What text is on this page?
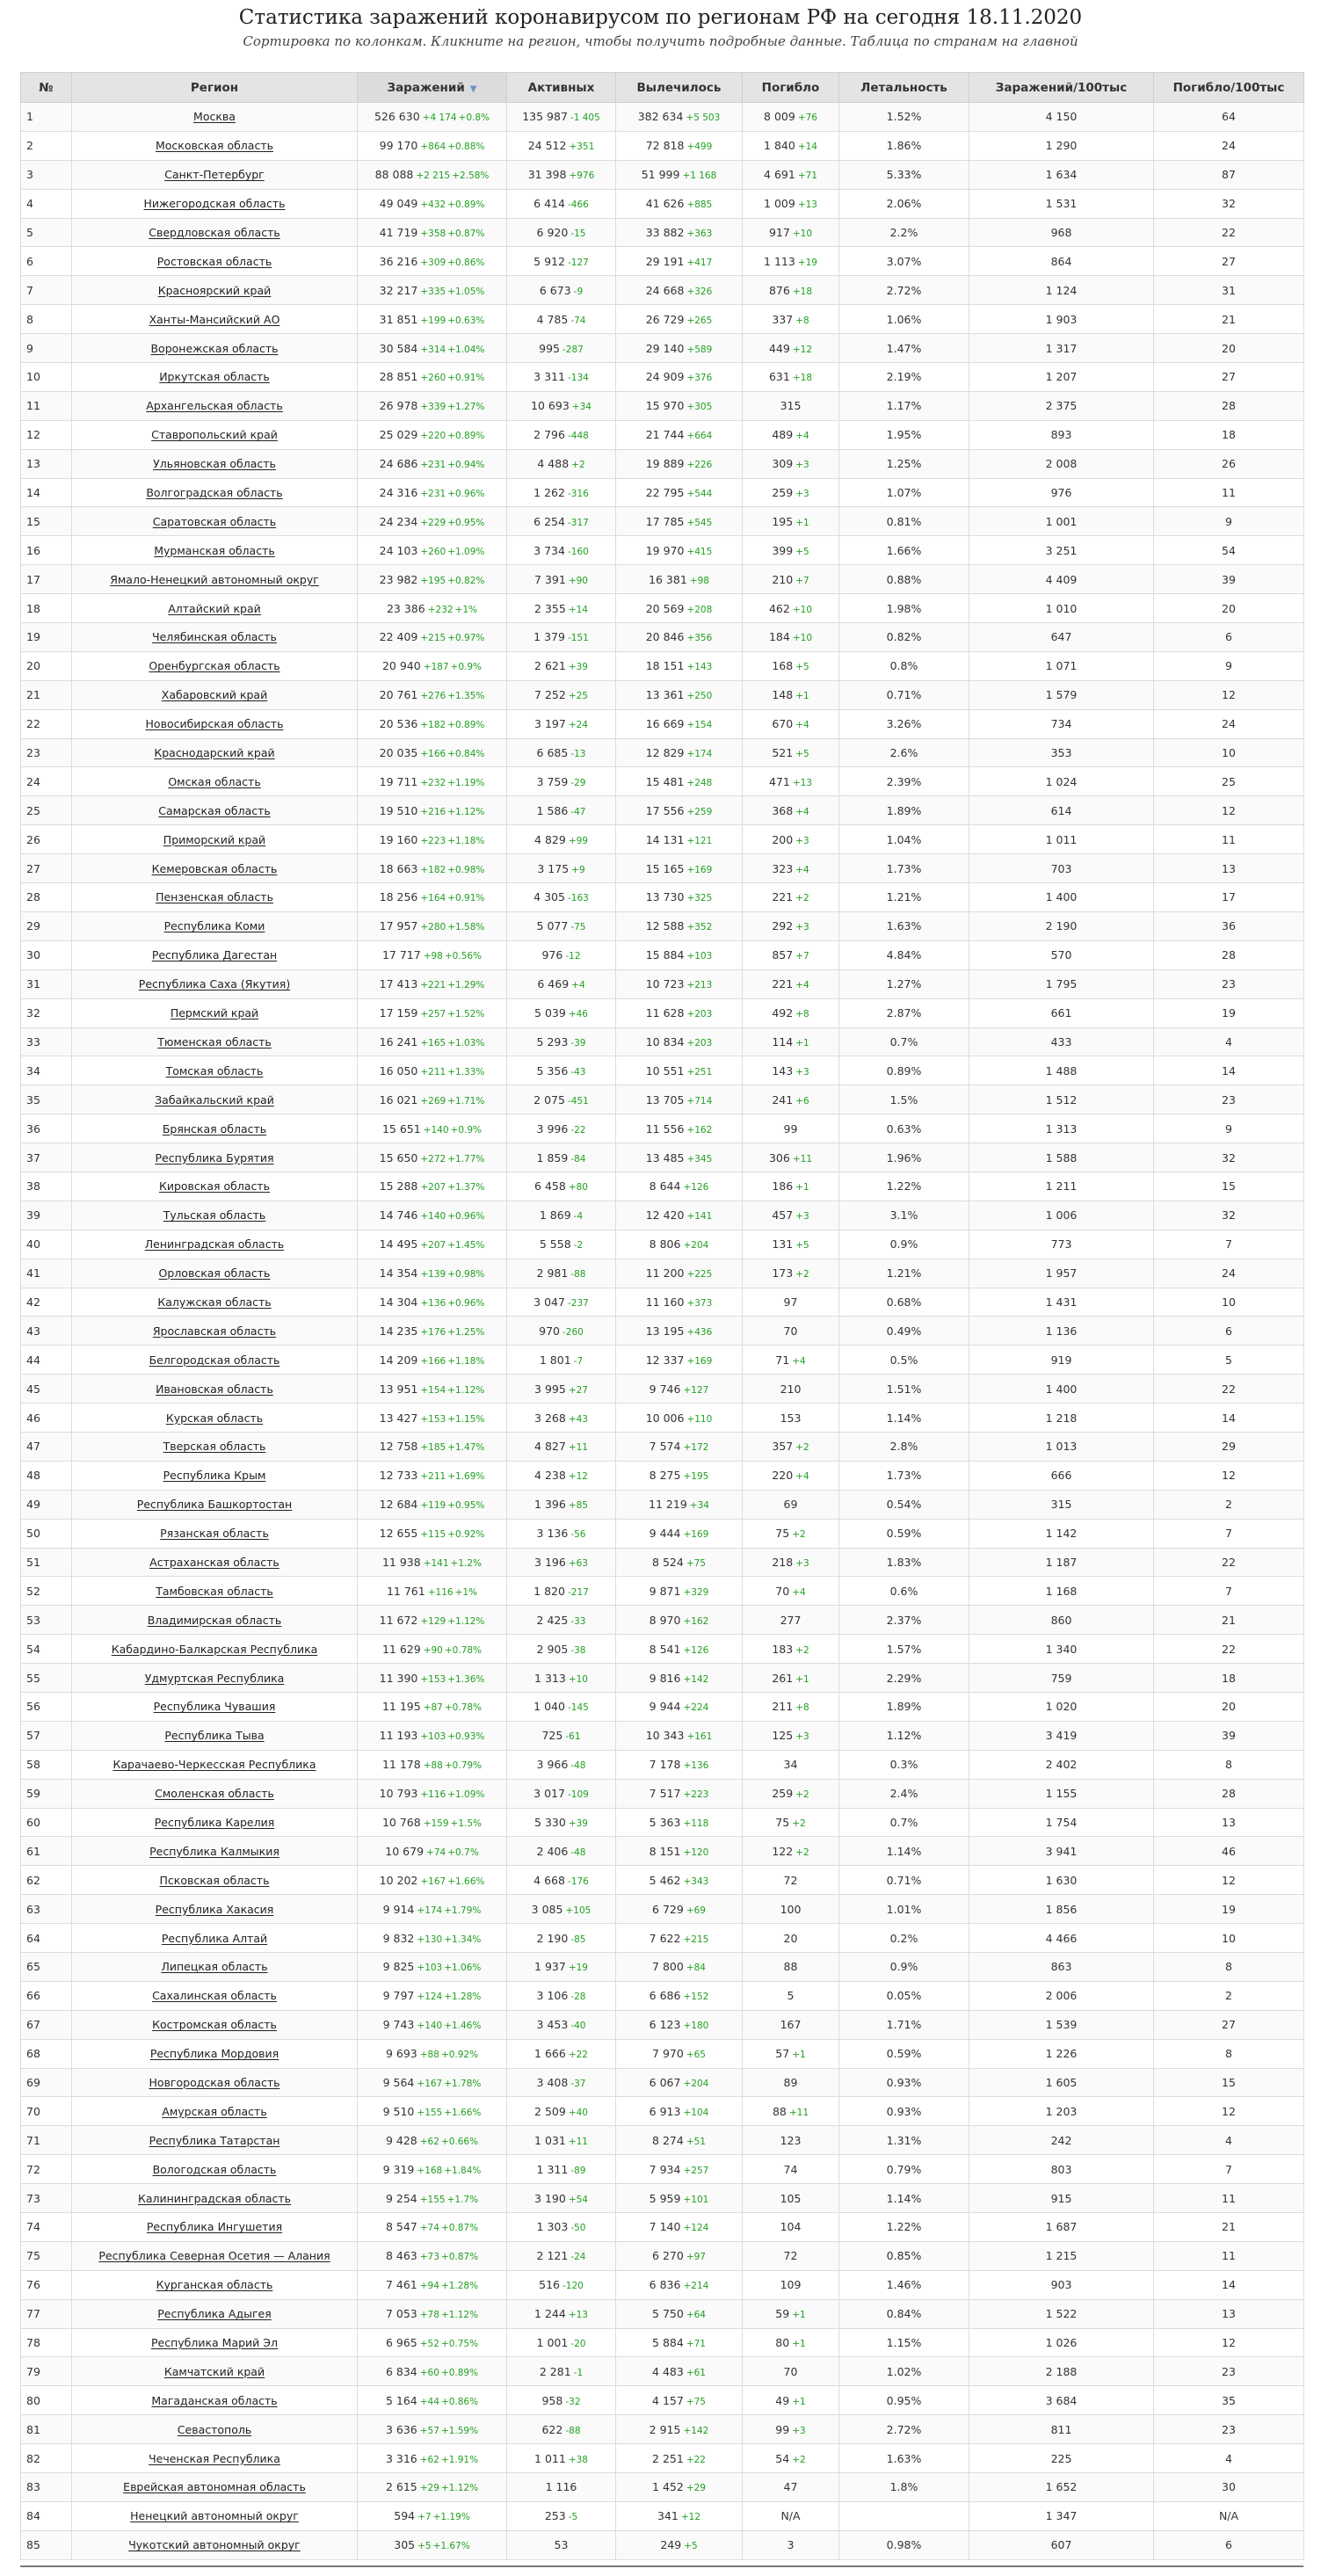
Статистика заражений коронавирусом по регионам РФ на сегодня 18.11.2020
Сортировка по колонкам. Кликните на регион, чтобы получить подробные данные. Таблица по странам на главной
№	Регион	Заражений ▼	Активных	Вылечилось	Погибло	Летальность	Заражений/100тыс	Погибло/100тыс
1	Москва	526 630 +4 174 +0.8%	135 987 -1 405	382 634 +5 503	8 009 +76	1.52%	4 150	64
2	Московская область	99 170 +864 +0.88%	24 512 +351	72 818 +499	1 840 +14	1.86%	1 290	24
3	Санкт-Петербург	88 088 +2 215 +2.58%	31 398 +976	51 999 +1 168	4 691 +71	5.33%	1 634	87
4	Нижегородская область	49 049 +432 +0.89%	6 414 -466	41 626 +885	1 009 +13	2.06%	1 531	32
5	Свердловская область	41 719 +358 +0.87%	6 920 -15	33 882 +363	917 +10	2.2%	968	22
6	Ростовская область	36 216 +309 +0.86%	5 912 -127	29 191 +417	1 113 +19	3.07%	864	27
7	Красноярский край	32 217 +335 +1.05%	6 673 -9	24 668 +326	876 +18	2.72%	1 124	31
8	Ханты-Мансийский АО	31 851 +199 +0.63%	4 785 -74	26 729 +265	337 +8	1.06%	1 903	21
9	Воронежская область	30 584 +314 +1.04%	995 -287	29 140 +589	449 +12	1.47%	1 317	20
10	Иркутская область	28 851 +260 +0.91%	3 311 -134	24 909 +376	631 +18	2.19%	1 207	27
11	Архангельская область	26 978 +339 +1.27%	10 693 +34	15 970 +305	315	1.17%	2 375	28
12	Ставропольский край	25 029 +220 +0.89%	2 796 -448	21 744 +664	489 +4	1.95%	893	18
13	Ульяновская область	24 686 +231 +0.94%	4 488 +2	19 889 +226	309 +3	1.25%	2 008	26
14	Волгоградская область	24 316 +231 +0.96%	1 262 -316	22 795 +544	259 +3	1.07%	976	11
15	Саратовская область	24 234 +229 +0.95%	6 254 -317	17 785 +545	195 +1	0.81%	1 001	9
16	Мурманская область	24 103 +260 +1.09%	3 734 -160	19 970 +415	399 +5	1.66%	3 251	54
17	Ямало-Ненецкий автономный округ	23 982 +195 +0.82%	7 391 +90	16 381 +98	210 +7	0.88%	4 409	39
18	Алтайский край	23 386 +232 +1%	2 355 +14	20 569 +208	462 +10	1.98%	1 010	20
19	Челябинская область	22 409 +215 +0.97%	1 379 -151	20 846 +356	184 +10	0.82%	647	6
20	Оренбургская область	20 940 +187 +0.9%	2 621 +39	18 151 +143	168 +5	0.8%	1 071	9
21	Хабаровский край	20 761 +276 +1.35%	7 252 +25	13 361 +250	148 +1	0.71%	1 579	12
22	Новосибирская область	20 536 +182 +0.89%	3 197 +24	16 669 +154	670 +4	3.26%	734	24
23	Краснодарский край	20 035 +166 +0.84%	6 685 -13	12 829 +174	521 +5	2.6%	353	10
24	Омская область	19 711 +232 +1.19%	3 759 -29	15 481 +248	471 +13	2.39%	1 024	25
25	Самарская область	19 510 +216 +1.12%	1 586 -47	17 556 +259	368 +4	1.89%	614	12
26	Приморский край	19 160 +223 +1.18%	4 829 +99	14 131 +121	200 +3	1.04%	1 011	11
27	Кемеровская область	18 663 +182 +0.98%	3 175 +9	15 165 +169	323 +4	1.73%	703	13
28	Пензенская область	18 256 +164 +0.91%	4 305 -163	13 730 +325	221 +2	1.21%	1 400	17
29	Республика Коми	17 957 +280 +1.58%	5 077 -75	12 588 +352	292 +3	1.63%	2 190	36
30	Республика Дагестан	17 717 +98 +0.56%	976 -12	15 884 +103	857 +7	4.84%	570	28
31	Республика Саха (Якутия)	17 413 +221 +1.29%	6 469 +4	10 723 +213	221 +4	1.27%	1 795	23
32	Пермский край	17 159 +257 +1.52%	5 039 +46	11 628 +203	492 +8	2.87%	661	19
33	Тюменская область	16 241 +165 +1.03%	5 293 -39	10 834 +203	114 +1	0.7%	433	4
34	Томская область	16 050 +211 +1.33%	5 356 -43	10 551 +251	143 +3	0.89%	1 488	14
35	Забайкальский край	16 021 +269 +1.71%	2 075 -451	13 705 +714	241 +6	1.5%	1 512	23
36	Брянская область	15 651 +140 +0.9%	3 996 -22	11 556 +162	99	0.63%	1 313	9
37	Республика Бурятия	15 650 +272 +1.77%	1 859 -84	13 485 +345	306 +11	1.96%	1 588	32
38	Кировская область	15 288 +207 +1.37%	6 458 +80	8 644 +126	186 +1	1.22%	1 211	15
39	Тульская область	14 746 +140 +0.96%	1 869 -4	12 420 +141	457 +3	3.1%	1 006	32
40	Ленинградская область	14 495 +207 +1.45%	5 558 -2	8 806 +204	131 +5	0.9%	773	7
41	Орловская область	14 354 +139 +0.98%	2 981 -88	11 200 +225	173 +2	1.21%	1 957	24
42	Калужская область	14 304 +136 +0.96%	3 047 -237	11 160 +373	97	0.68%	1 431	10
43	Ярославская область	14 235 +176 +1.25%	970 -260	13 195 +436	70	0.49%	1 136	6
44	Белгородская область	14 209 +166 +1.18%	1 801 -7	12 337 +169	71 +4	0.5%	919	5
45	Ивановская область	13 951 +154 +1.12%	3 995 +27	9 746 +127	210	1.51%	1 400	22
46	Курская область	13 427 +153 +1.15%	3 268 +43	10 006 +110	153	1.14%	1 218	14
47	Тверская область	12 758 +185 +1.47%	4 827 +11	7 574 +172	357 +2	2.8%	1 013	29
48	Республика Крым	12 733 +211 +1.69%	4 238 +12	8 275 +195	220 +4	1.73%	666	12
49	Республика Башкортостан	12 684 +119 +0.95%	1 396 +85	11 219 +34	69	0.54%	315	2
50	Рязанская область	12 655 +115 +0.92%	3 136 -56	9 444 +169	75 +2	0.59%	1 142	7
51	Астраханская область	11 938 +141 +1.2%	3 196 +63	8 524 +75	218 +3	1.83%	1 187	22
52	Тамбовская область	11 761 +116 +1%	1 820 -217	9 871 +329	70 +4	0.6%	1 168	7
53	Владимирская область	11 672 +129 +1.12%	2 425 -33	8 970 +162	277	2.37%	860	21
54	Кабардино-Балкарская Республика	11 629 +90 +0.78%	2 905 -38	8 541 +126	183 +2	1.57%	1 340	22
55	Удмуртская Республика	11 390 +153 +1.36%	1 313 +10	9 816 +142	261 +1	2.29%	759	18
56	Республика Чувашия	11 195 +87 +0.78%	1 040 -145	9 944 +224	211 +8	1.89%	1 020	20
57	Республика Тыва	11 193 +103 +0.93%	725 -61	10 343 +161	125 +3	1.12%	3 419	39
58	Карачаево-Черкесская Республика	11 178 +88 +0.79%	3 966 -48	7 178 +136	34	0.3%	2 402	8
59	Смоленская область	10 793 +116 +1.09%	3 017 -109	7 517 +223	259 +2	2.4%	1 155	28
60	Республика Карелия	10 768 +159 +1.5%	5 330 +39	5 363 +118	75 +2	0.7%	1 754	13
61	Республика Калмыкия	10 679 +74 +0.7%	2 406 -48	8 151 +120	122 +2	1.14%	3 941	46
62	Псковская область	10 202 +167 +1.66%	4 668 -176	5 462 +343	72	0.71%	1 630	12
63	Республика Хакасия	9 914 +174 +1.79%	3 085 +105	6 729 +69	100	1.01%	1 856	19
64	Республика Алтай	9 832 +130 +1.34%	2 190 -85	7 622 +215	20	0.2%	4 466	10
65	Липецкая область	9 825 +103 +1.06%	1 937 +19	7 800 +84	88	0.9%	863	8
66	Сахалинская область	9 797 +124 +1.28%	3 106 -28	6 686 +152	5	0.05%	2 006	2
67	Костромская область	9 743 +140 +1.46%	3 453 -40	6 123 +180	167	1.71%	1 539	27
68	Республика Мордовия	9 693 +88 +0.92%	1 666 +22	7 970 +65	57 +1	0.59%	1 226	8
69	Новгородская область	9 564 +167 +1.78%	3 408 -37	6 067 +204	89	0.93%	1 605	15
70	Амурская область	9 510 +155 +1.66%	2 509 +40	6 913 +104	88 +11	0.93%	1 203	12
71	Республика Татарстан	9 428 +62 +0.66%	1 031 +11	8 274 +51	123	1.31%	242	4
72	Вологодская область	9 319 +168 +1.84%	1 311 -89	7 934 +257	74	0.79%	803	7
73	Калининградская область	9 254 +155 +1.7%	3 190 +54	5 959 +101	105	1.14%	915	11
74	Республика Ингушетия	8 547 +74 +0.87%	1 303 -50	7 140 +124	104	1.22%	1 687	21
75	Республика Северная Осетия — Алания	8 463 +73 +0.87%	2 121 -24	6 270 +97	72	0.85%	1 215	11
76	Курганская область	7 461 +94 +1.28%	516 -120	6 836 +214	109	1.46%	903	14
77	Республика Адыгея	7 053 +78 +1.12%	1 244 +13	5 750 +64	59 +1	0.84%	1 522	13
78	Республика Марий Эл	6 965 +52 +0.75%	1 001 -20	5 884 +71	80 +1	1.15%	1 026	12
79	Камчатский край	6 834 +60 +0.89%	2 281 -1	4 483 +61	70	1.02%	2 188	23
80	Магаданская область	5 164 +44 +0.86%	958 -32	4 157 +75	49 +1	0.95%	3 684	35
81	Севастополь	3 636 +57 +1.59%	622 -88	2 915 +142	99 +3	2.72%	811	23
82	Чеченская Республика	3 316 +62 +1.91%	1 011 +38	2 251 +22	54 +2	1.63%	225	4
83	Еврейская автономная область	2 615 +29 +1.12%	1 116	1 452 +29	47	1.8%	1 652	30
84	Ненецкий автономный округ	594 +7 +1.19%	253 -5	341 +12	N/A		1 347	N/A
85	Чукотский автономный округ	305 +5 +1.67%	53	249 +5	3	0.98%	607	6
